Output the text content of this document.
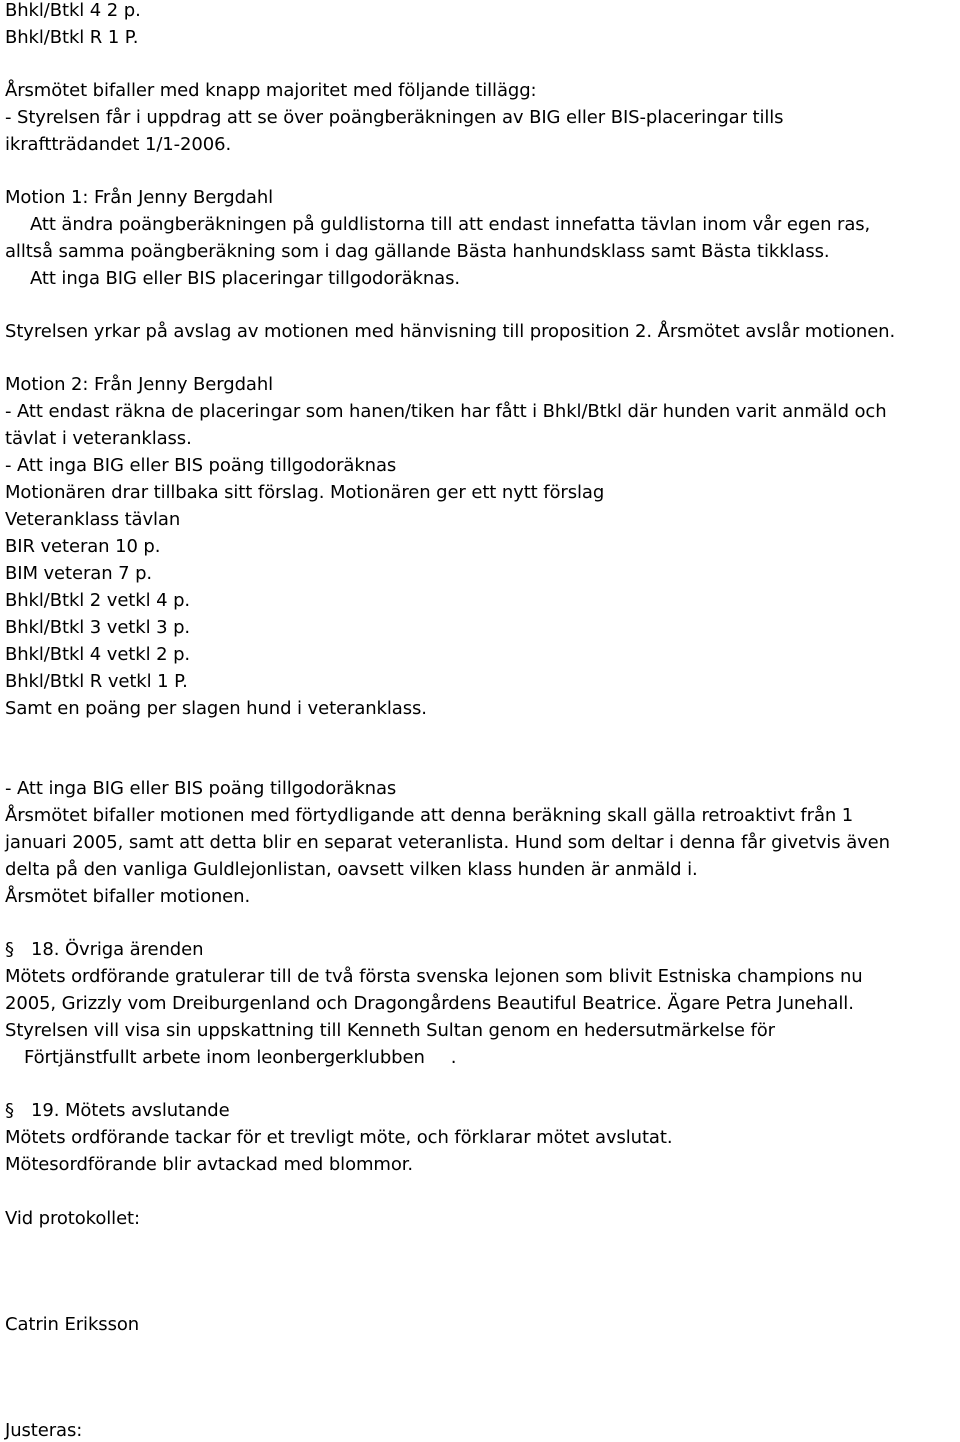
Bhkl/Btkl 4 2 p.
Bhkl/Btkl R 1 P.
Årsmötet bifaller med knapp majoritet med följande tillägg:
- Styrelsen får i uppdrag att se över poängberäkningen av BIG eller BIS-placeringar tills
ikraftträdandet 1/1-2006.
Motion 1: Från Jenny Bergdahl
Att ändra poängberäkningen på guldlistorna till att endast innefatta tävlan inom vår egen ras,
alltså samma poängberäkning som i dag gällande Bästa hanhundsklass samt Bästa tikklass.
Att inga BIG eller BIS placeringar tillgodoräknas.
Styrelsen yrkar på avslag av motionen med hänvisning till proposition 2. Årsmötet avslår motionen.
Motion 2: Från Jenny Bergdahl
- Att endast räkna de placeringar som hanen/tiken har fått i Bhkl/Btkl där hunden varit anmäld och
tävlat i veteranklass.
- Att inga BIG eller BIS poäng tillgodoräknas
Motionären drar tillbaka sitt förslag. Motionären ger ett nytt förslag
Veteranklass tävlan
BIR veteran 10 p.
BIM veteran 7 p.
Bhkl/Btkl 2 vetkl 4 p.
Bhkl/Btkl 3 vetkl 3 p.
Bhkl/Btkl 4 vetkl 2 p.
Bhkl/Btkl R vetkl 1 P.
Samt en poäng per slagen hund i veteranklass.
- Att inga BIG eller BIS poäng tillgodoräknas
Årsmötet bifaller motionen med förtydligande att denna beräkning skall gälla retroaktivt från 1
januari 2005, samt att detta blir en separat veteranlista. Hund som deltar i denna får givetvis även
delta på den vanliga Guldlejonlistan, oavsett vilken klass hunden är anmäld i.
Årsmötet bifaller motionen.
§ 18. Övriga ärenden
Mötets ordförande gratulerar till de två första svenska lejonen som blivit Estniska champions nu
2005, Grizzly vom Dreiburgenland och Dragongårdens Beautiful Beatrice. Ägare Petra Junehall.
Styrelsen vill visa sin uppskattning till Kenneth Sultan genom en hedersutmärkelse för
Förtjänstfullt arbete inom leonbergerklubben .
§ 19. Mötets avslutande
Mötets ordförande tackar för et trevligt möte, och förklarar mötet avslutat.
Mötesordförande blir avtackad med blommor.
Vid protokollet:
Catrin Eriksson
Justeras:
